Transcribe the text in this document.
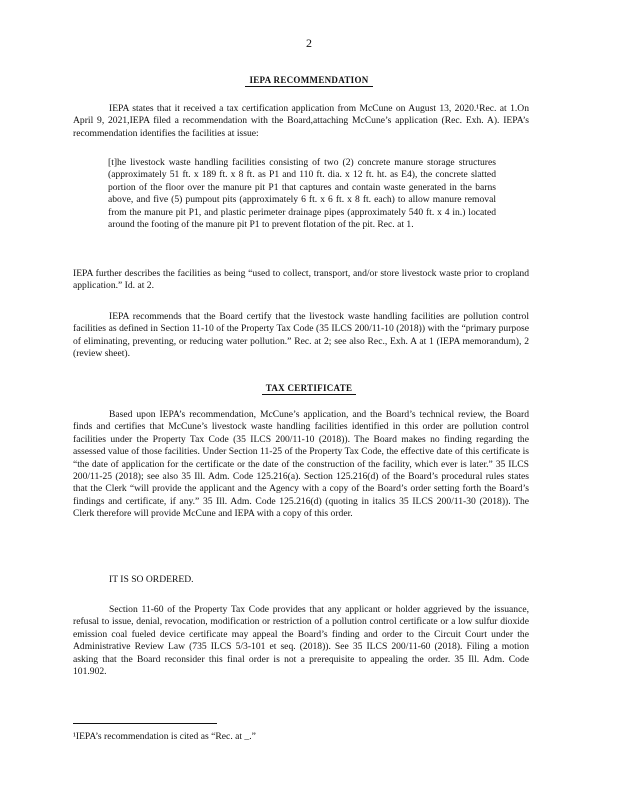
2
IEPA RECOMMENDATION

IEPA states that it received a tax certification application from McCune on August 13, 2020.¹Rec. at 1.On April 9, 2021,IEPA filed a recommendation with the Board,attaching McCune’s application (Rec. Exh. A). IEPA’s recommendation identifies the facilities at issue:

[t]he livestock waste handling facilities consisting of two (2) concrete manure storage structures (approximately 51 ft. x 189 ft. x 8 ft. as P1 and 110 ft. dia. x 12 ft. ht. as E4), the concrete slatted portion of the floor over the manure pit P1 that captures and contain waste generated in the barns above, and five (5) pumpout pits (approximately 6 ft. x 6 ft. x 8 ft. each) to allow manure removal from the manure pit P1, and plastic perimeter drainage pipes (approximately 540 ft. x 4 in.) located around the footing of the manure pit P1 to prevent flotation of the pit. Rec. at 1.

IEPA further describes the facilities as being “used to collect, transport, and/or store livestock waste prior to cropland application.” Id. at 2.

IEPA recommends that the Board certify that the livestock waste handling facilities are pollution control facilities as defined in Section 11-10 of the Property Tax Code (35 ILCS 200/11-10 (2018)) with the “primary purpose of eliminating, preventing, or reducing water pollution.” Rec. at 2; see also Rec., Exh. A at 1 (IEPA memorandum), 2 (review sheet).

TAX CERTIFICATE

Based upon IEPA’s recommendation, McCune’s application, and the Board’s technical review, the Board finds and certifies that McCune’s livestock waste handling facilities identified in this order are pollution control facilities under the Property Tax Code (35 ILCS 200/11-10 (2018)). The Board makes no finding regarding the assessed value of those facilities. Under Section 11-25 of the Property Tax Code, the effective date of this certificate is “the date of application for the certificate or the date of the construction of the facility, which ever is later.” 35 ILCS 200/11-25 (2018); see also 35 Ill. Adm. Code 125.216(a). Section 125.216(d) of the Board’s procedural rules states that the Clerk “will provide the applicant and the Agency with a copy of the Board’s order setting forth the Board’s findings and certificate, if any.” 35 Ill. Adm. Code 125.216(d) (quoting in italics 35 ILCS 200/11-30 (2018)). The Clerk therefore will provide McCune and IEPA with a copy of this order.

IT IS SO ORDERED.

Section 11-60 of the Property Tax Code provides that any applicant or holder aggrieved by the issuance, refusal to issue, denial, revocation, modification or restriction of a pollution control certificate or a low sulfur dioxide emission coal fueled device certificate may appeal the Board’s finding and order to the Circuit Court under the Administrative Review Law (735 ILCS 5/3-101 et seq. (2018)). See 35 ILCS 200/11-60 (2018). Filing a motion asking that the Board reconsider this final order is not a prerequisite to appealing the order. 35 Ill. Adm. Code 101.902.

¹IEPA’s recommendation is cited as “Rec. at _.”
